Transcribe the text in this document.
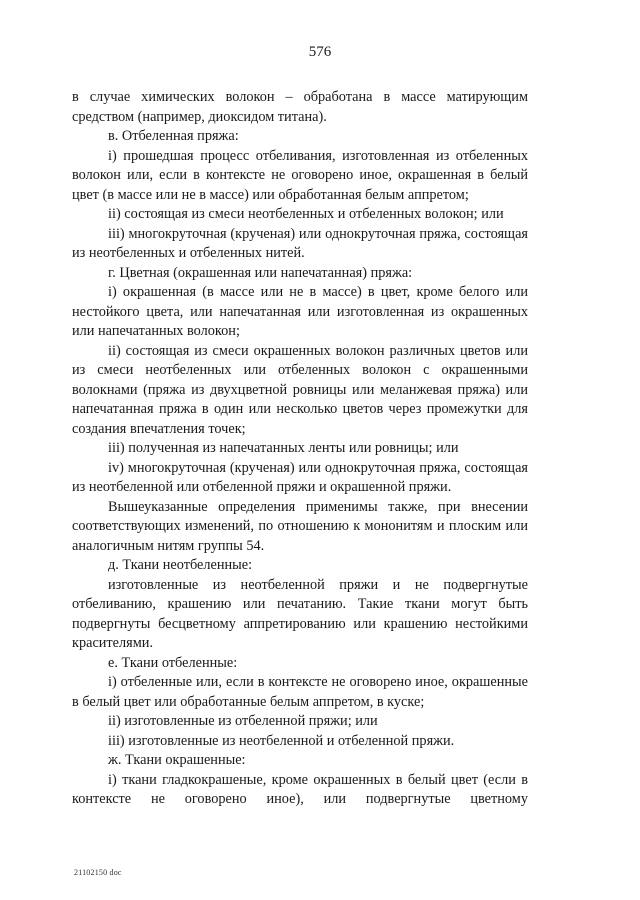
576

в случае химических волокон – обработана в массе матирующим средством (например, диоксидом титана).

в. Отбеленная пряжа:

i) прошедшая процесс отбеливания, изготовленная из отбеленных волокон или, если в контексте не оговорено иное, окрашенная в белый цвет (в массе или не в массе) или обработанная белым аппретом;

ii) состоящая из смеси неотбеленных и отбеленных волокон; или

iii) многокруточная (крученая) или однокруточная пряжа, состоящая из неотбеленных и отбеленных нитей.

г. Цветная (окрашенная или напечатанная) пряжа:

i) окрашенная (в массе или не в массе) в цвет, кроме белого или нестойкого цвета, или напечатанная или изготовленная из окрашенных или напечатанных волокон;

ii) состоящая из смеси окрашенных волокон различных цветов или из смеси неотбеленных или отбеленных волокон с окрашенными волокнами (пряжа из двухцветной ровницы или меланжевая пряжа) или напечатанная пряжа в один или несколько цветов через промежутки для создания впечатления точек;

iii) полученная из напечатанных ленты или ровницы; или

iv) многокруточная (крученая) или однокруточная пряжа, состоящая из неотбеленной или отбеленной пряжи и окрашенной пряжи.

Вышеуказанные определения применимы также, при внесении соответствующих изменений, по отношению к мононитям и плоским или аналогичным нитям группы 54.

д. Ткани неотбеленные:

изготовленные из неотбеленной пряжи и не подвергнутые отбеливанию, крашению или печатанию. Такие ткани могут быть подвергнуты бесцветному аппретированию или крашению нестойкими красителями.

е. Ткани отбеленные:

i) отбеленные или, если в контексте не оговорено иное, окрашенные в белый цвет или обработанные белым аппретом, в куске;

ii) изготовленные из отбеленной пряжи; или

iii) изготовленные из неотбеленной и отбеленной пряжи.

ж. Ткани окрашенные:

i) ткани гладкокрашеные, кроме окрашенных в белый цвет (если в контексте не оговорено иное), или подвергнутые цветному

21102150 doc
